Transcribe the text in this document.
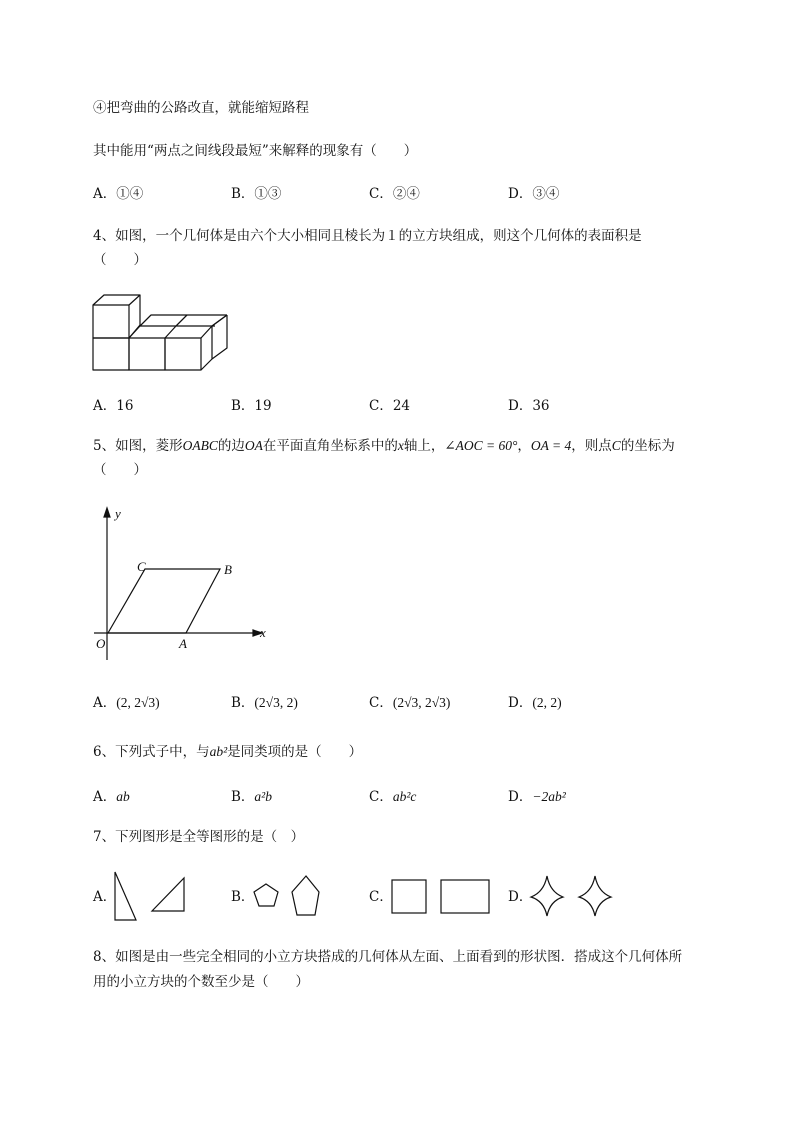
④把弯曲的公路改直，就能缩短路程
其中能用“两点之间线段最短”来解释的现象有（　　）
A．①④	B．①③	C．②④	D．③④
4、如图，一个几何体是由六个大小相同且棱长为１的立方块组成，则这个几何体的表面积是
（　　）
A．16	B．19	C．24	D．36
5、如图，菱形OABC的边OA在平面直角坐标系中的x轴上，∠AOC = 60°，OA = 4，则点C的坐标为
（　　）
y
x
O	A
B
C
A．(2, 2√3)	B．(2√3, 2)	C．(2√3, 2√3)	D．(2, 2)
6、下列式子中，与ab²是同类项的是（　　）
A．ab	B．a²b	C．ab²c	D．−2ab²
7、下列图形是全等图形的是（　）
A．	B．	C．	D．
8、如图是由一些完全相同的小立方块搭成的几何体从左面、上面看到的形状图．搭成这个几何体所
用的小立方块的个数至少是（　　）
